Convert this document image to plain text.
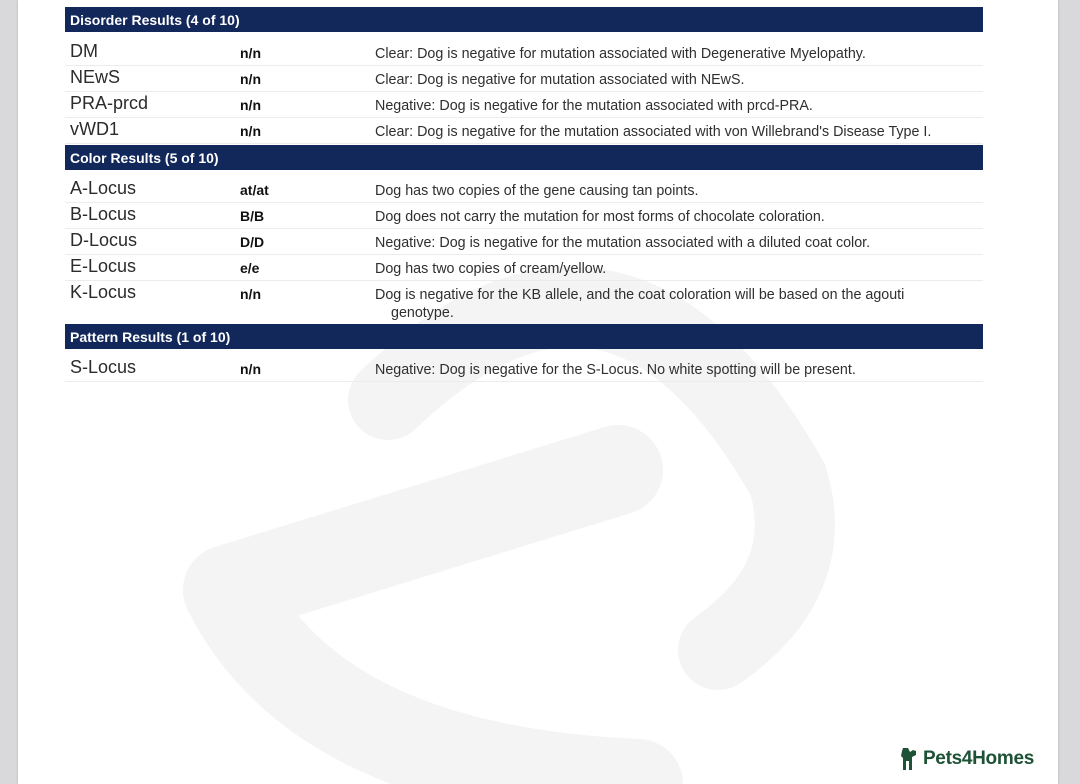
Disorder Results (4 of 10)
DM	n/n	Clear: Dog is negative for mutation associated with Degenerative Myelopathy.
NEwS	n/n	Clear: Dog is negative for mutation associated with NEwS.
PRA-prcd	n/n	Negative: Dog is negative for the mutation associated with prcd-PRA.
vWD1	n/n	Clear: Dog is negative for the mutation associated with von Willebrand's Disease Type I.
Color Results (5 of 10)
A-Locus	at/at	Dog has two copies of the gene causing tan points.
B-Locus	B/B	Dog does not carry the mutation for most forms of chocolate coloration.
D-Locus	D/D	Negative: Dog is negative for the mutation associated with a diluted coat color.
E-Locus	e/e	Dog has two copies of cream/yellow.
K-Locus	n/n	Dog is negative for the KB allele, and the coat coloration will be based on the agouti
genotype.
Pattern Results (1 of 10)
S-Locus	n/n	Negative: Dog is negative for the S-Locus. No white spotting will be present.
Pets4Homes
